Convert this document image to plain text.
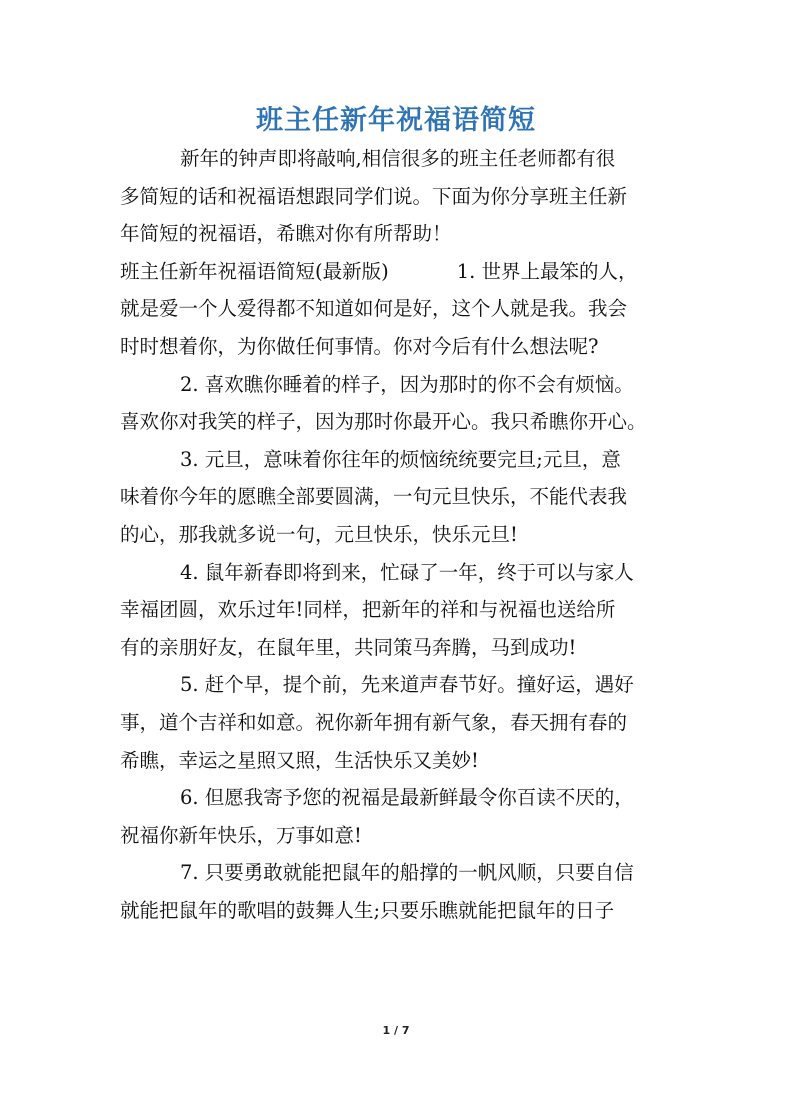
班主任新年祝福语简短
新年的钟声即将敲响,相信很多的班主任老师都有很
多简短的话和祝福语想跟同学们说。下面为你分享班主任新
年简短的祝福语，希瞧对你有所帮助！
班主任新年祝福语简短(最新版)	1. 世界上最笨的人，
就是爱一个人爱得都不知道如何是好，这个人就是我。我会
时时想着你，为你做任何事情。你对今后有什么想法呢?
2. 喜欢瞧你睡着的样子，因为那时的你不会有烦恼。
喜欢你对我笑的样子，因为那时你最开心。我只希瞧你开心。
3. 元旦，意味着你往年的烦恼统统要完旦;元旦，意
味着你今年的愿瞧全部要圆满，一句元旦快乐，不能代表我
的心，那我就多说一句，元旦快乐，快乐元旦!
4. 鼠年新春即将到来，忙碌了一年，终于可以与家人
幸福团圆，欢乐过年!同样，把新年的祥和与祝福也送给所
有的亲朋好友，在鼠年里，共同策马奔腾，马到成功!
5. 赶个早，提个前，先来道声春节好。撞好运，遇好
事，道个吉祥和如意。祝你新年拥有新气象，春天拥有春的
希瞧，幸运之星照又照，生活快乐又美妙!
6. 但愿我寄予您的祝福是最新鲜最令你百读不厌的，
祝福你新年快乐，万事如意!
7. 只要勇敢就能把鼠年的船撑的一帆风顺，只要自信
就能把鼠年的歌唱的鼓舞人生;只要乐瞧就能把鼠年的日子
1 / 7
